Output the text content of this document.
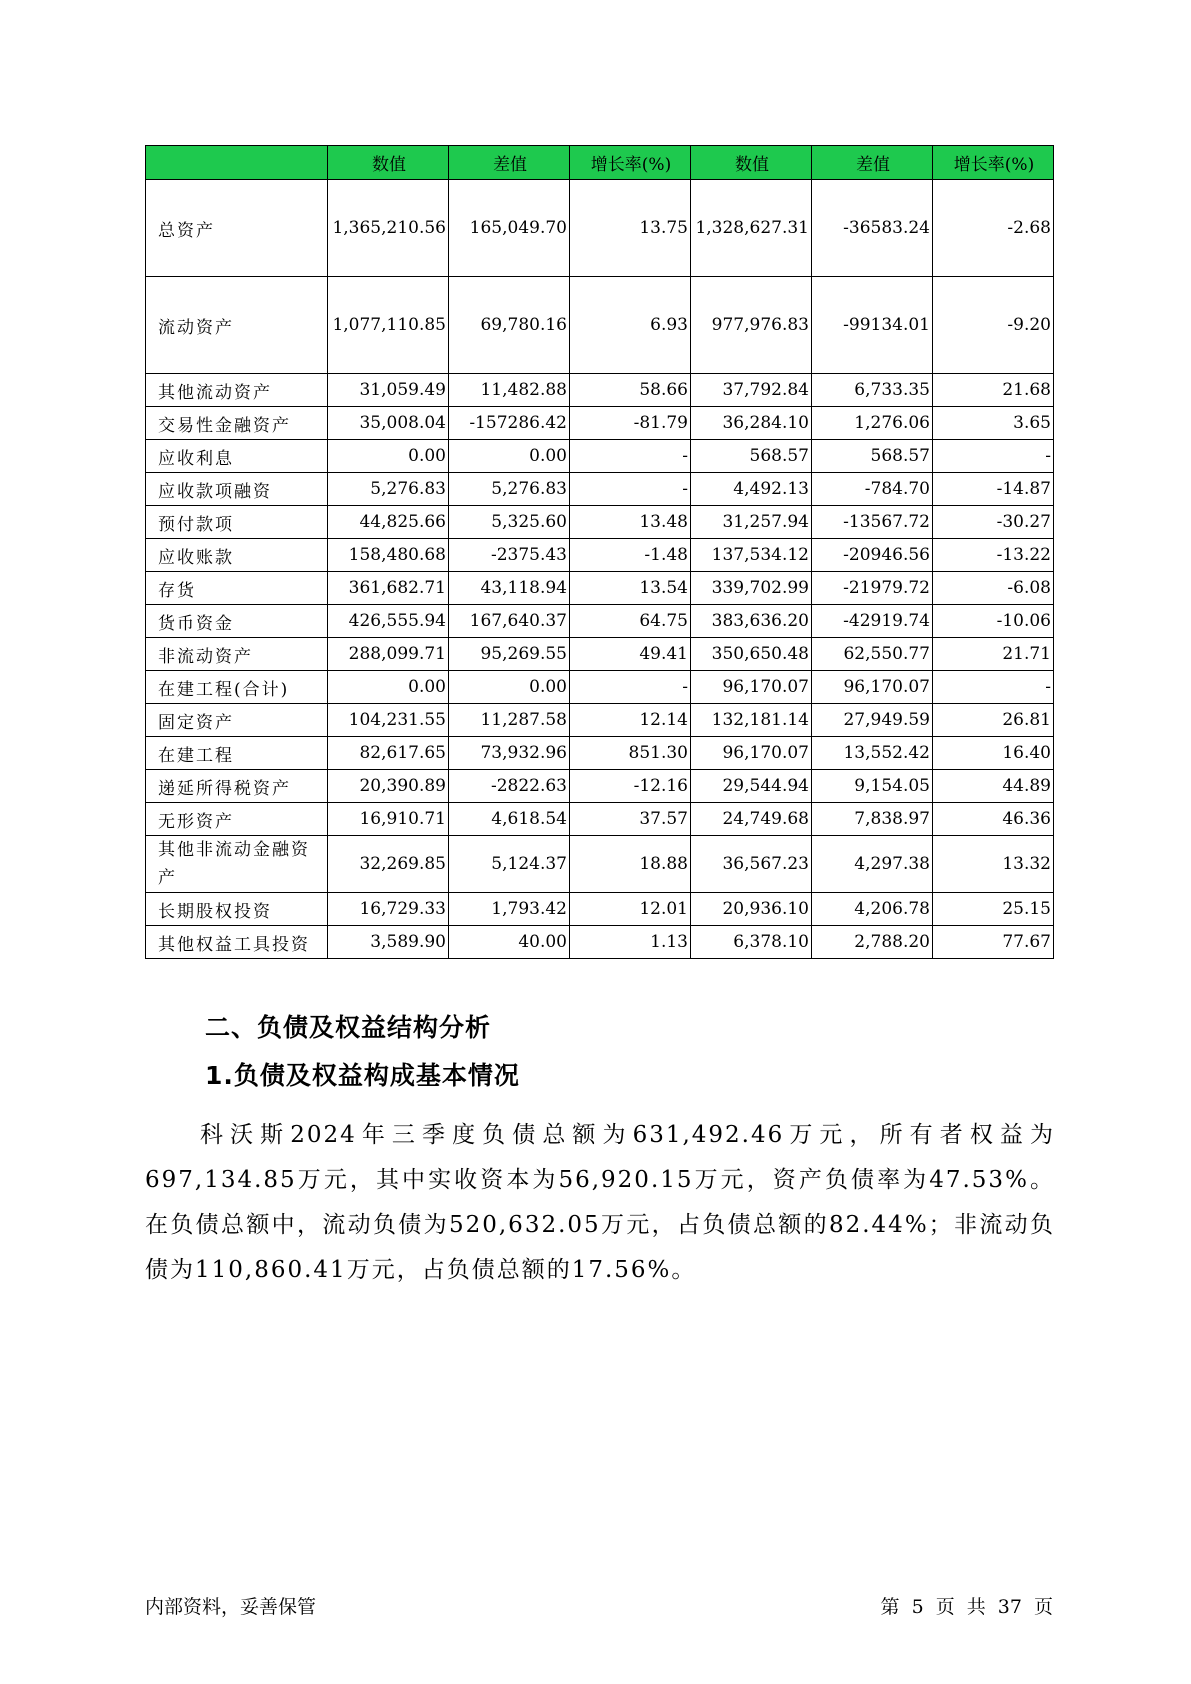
	数值	差值	增长率(%)	数值	差值	增长率(%)
总资产	1,365,210.56	165,049.70	13.75	1,328,627.31	-36583.24	-2.68
流动资产	1,077,110.85	69,780.16	6.93	977,976.83	-99134.01	-9.20
其他流动资产	31,059.49	11,482.88	58.66	37,792.84	6,733.35	21.68
交易性金融资产	35,008.04	-157286.42	-81.79	36,284.10	1,276.06	3.65
应收利息	0.00	0.00	-	568.57	568.57	-
应收款项融资	5,276.83	5,276.83	-	4,492.13	-784.70	-14.87
预付款项	44,825.66	5,325.60	13.48	31,257.94	-13567.72	-30.27
应收账款	158,480.68	-2375.43	-1.48	137,534.12	-20946.56	-13.22
存货	361,682.71	43,118.94	13.54	339,702.99	-21979.72	-6.08
货币资金	426,555.94	167,640.37	64.75	383,636.20	-42919.74	-10.06
非流动资产	288,099.71	95,269.55	49.41	350,650.48	62,550.77	21.71
在建工程(合计)	0.00	0.00	-	96,170.07	96,170.07	-
固定资产	104,231.55	11,287.58	12.14	132,181.14	27,949.59	26.81
在建工程	82,617.65	73,932.96	851.30	96,170.07	13,552.42	16.40
递延所得税资产	20,390.89	-2822.63	-12.16	29,544.94	9,154.05	44.89
无形资产	16,910.71	4,618.54	37.57	24,749.68	7,838.97	46.36
其他非流动金融资产	32,269.85	5,124.37	18.88	36,567.23	4,297.38	13.32
长期股权投资	16,729.33	1,793.42	12.01	20,936.10	4,206.78	25.15
其他权益工具投资	3,589.90	40.00	1.13	6,378.10	2,788.20	77.67
二、负债及权益结构分析
1.负债及权益构成基本情况
科沃斯2024年三季度负债总额为631,492.46万元，所有者权益为697,134.85万元，其中实收资本为56,920.15万元，资产负债率为47.53%。在负债总额中，流动负债为520,632.05万元，占负债总额的82.44%；非流动负债为110,860.41万元，占负债总额的17.56%。
内部资料，妥善保管	第 5 页 共 37 页
